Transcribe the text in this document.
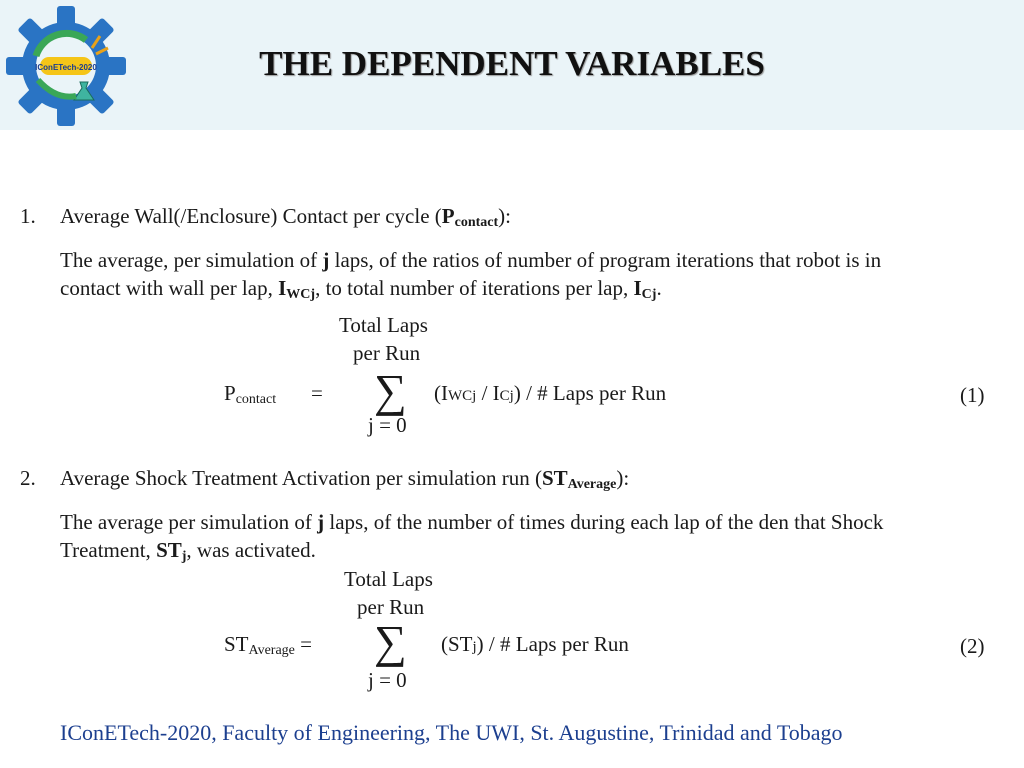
IConETech-2020	THE DEPENDENT VARIABLES
1. Average Wall(/Enclosure) Contact per cycle (Pcontact):
The average, per simulation of j laps, of the ratios of number of program iterations that robot is in
contact with wall per lap, IWCj, to total number of iterations per lap, ICj.
Total Laps
per Run
Pcontact = ∑ (IWCj / ICj) / # Laps per Run
j = 0
(1)
2. Average Shock Treatment Activation per simulation run (STAverage):
The average per simulation of j laps, of the number of times during each lap of the den that Shock
Treatment, STj, was activated.
Total Laps
per Run
STAverage = ∑ (STj) / # Laps per Run
j = 0
(2)
IConETech-2020, Faculty of Engineering, The UWI, St. Augustine, Trinidad and Tobago
